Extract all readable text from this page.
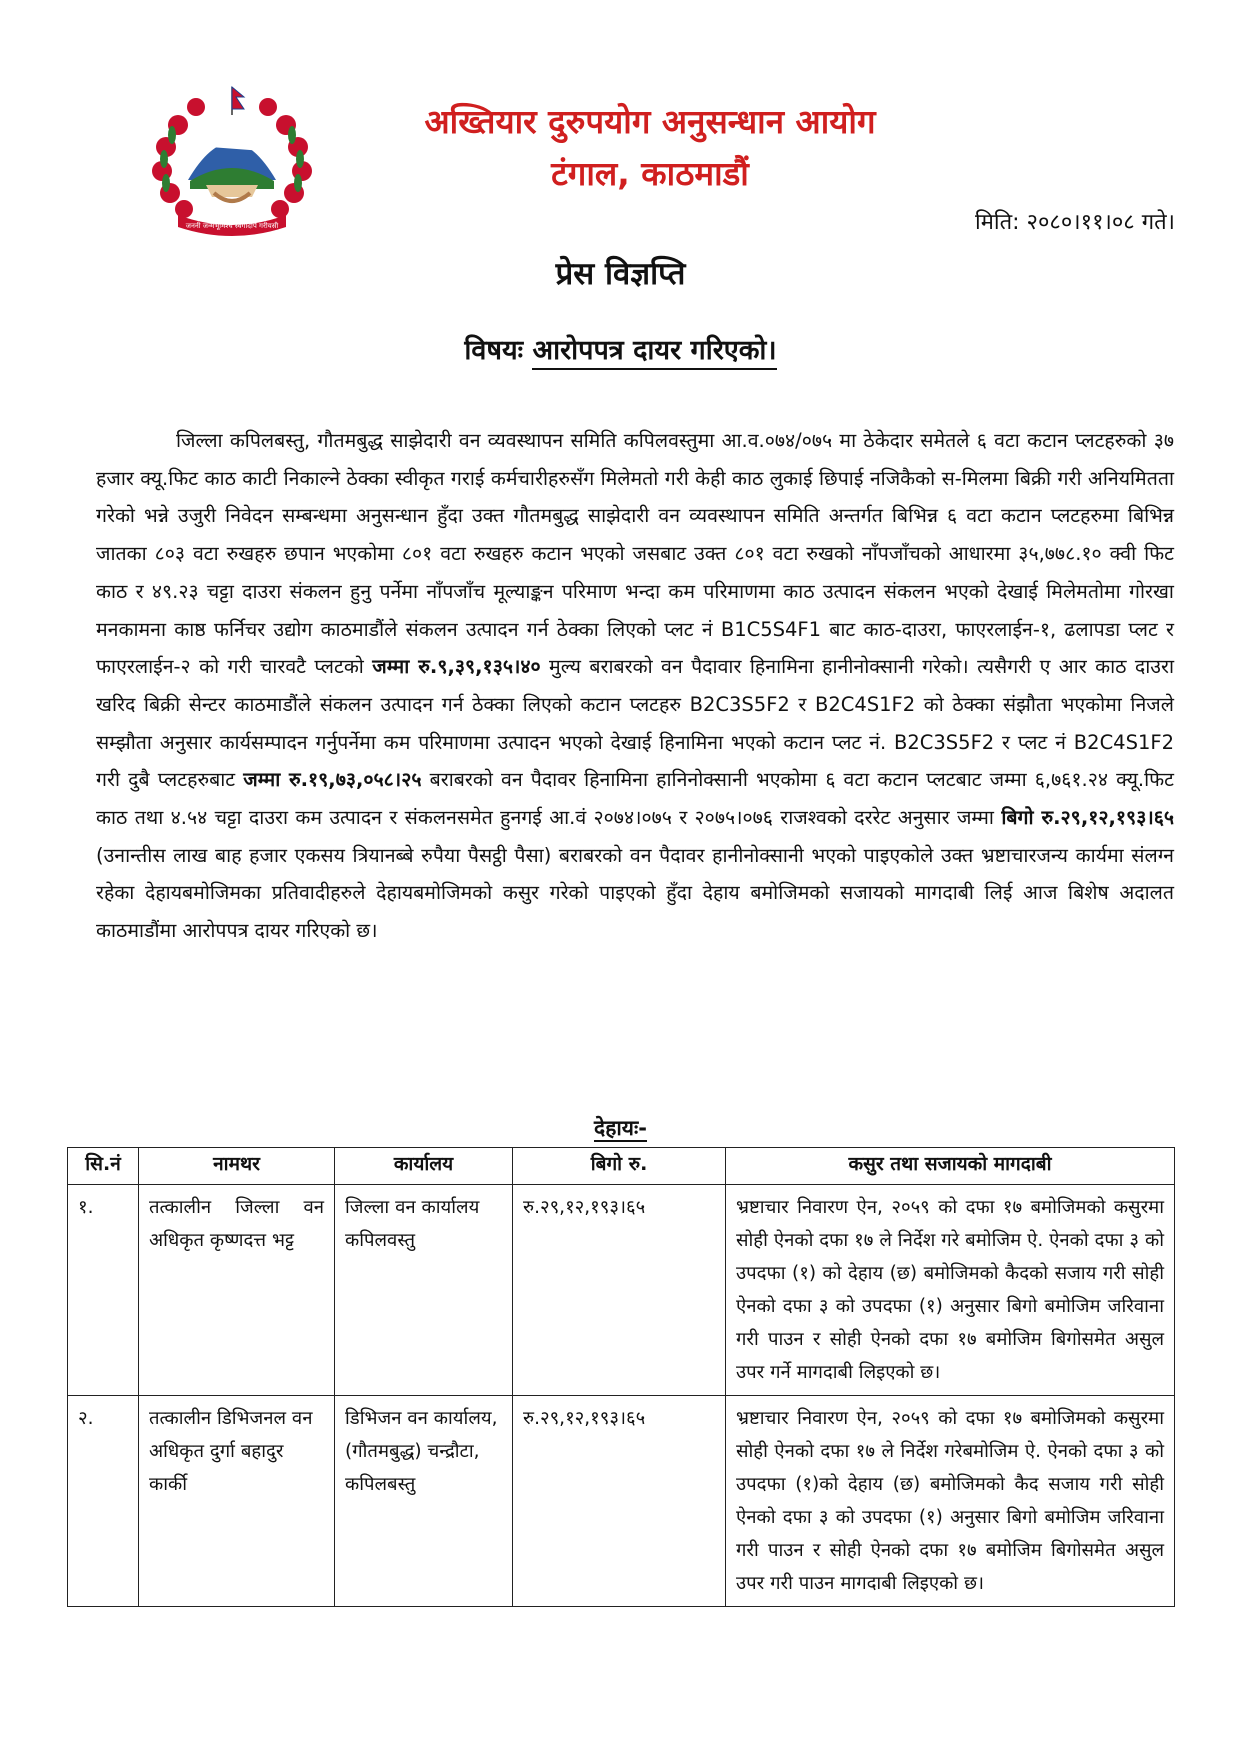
जननी जन्मभूमिश्च स्वर्गादपि गरीयसी
अख्तियार दुरुपयोग अनुसन्धान आयोग
टंगाल, काठमाडौं
मिति: २०८०।११।०८ गते।
प्रेस विज्ञप्ति
विषयः आरोपपत्र दायर गरिएको।
जिल्ला कपिलबस्तु, गौतमबुद्ध साझेदारी वन व्यवस्थापन समिति कपिलवस्तुमा आ.व.०७४/०७५ मा ठेकेदार समेतले ६ वटा कटान प्लटहरुको ३७ हजार क्यू.फिट काठ काटी निकाल्ने ठेक्का स्वीकृत गराई कर्मचारीहरुसँग मिलेमतो गरी केही काठ लुकाई छिपाई नजिकैको स-मिलमा बिक्री गरी अनियमितता गरेको भन्ने उजुरी निवेदन सम्बन्धमा अनुसन्धान हुँदा उक्त गौतमबुद्ध साझेदारी वन व्यवस्थापन समिति अन्तर्गत बिभिन्न ६ वटा कटान प्लटहरुमा बिभिन्न जातका ८०३ वटा रुखहरु छपान भएकोमा ८०१ वटा रुखहरु कटान भएको जसबाट उक्त ८०१ वटा रुखको नाँपजाँचको आधारमा ३५,७७८.१० क्वी फिट काठ र ४९.२३ चट्टा दाउरा संकलन हुनु पर्नेमा नाँपजाँच मूल्याङ्कन परिमाण भन्दा कम परिमाणमा काठ उत्पादन संकलन भएको देखाई मिलेमतोमा गोरखा मनकामना काष्ठ फर्निचर उद्योग काठमाडौंले संकलन उत्पादन गर्न ठेक्का लिएको प्लट नं B1C5S4F1 बाट काठ-दाउरा, फाएरलाईन-१, ढलापडा प्लट र फाएरलाईन-२ को गरी चारवटै प्लटको जम्मा रु.९,३९,१३५।४० मुल्य बराबरको वन पैदावार हिनामिना हानीनोक्सानी गरेको। त्यसैगरी ए आर काठ दाउरा खरिद बिक्री सेन्टर काठमाडौंले संकलन उत्पादन गर्न ठेक्का लिएको कटान प्लटहरु B2C3S5F2 र B2C4S1F2 को ठेक्का संझौता भएकोमा निजले सम्झौता अनुसार कार्यसम्पादन गर्नुपर्नेमा कम परिमाणमा उत्पादन भएको देखाई हिनामिना भएको कटान प्लट नं. B2C3S5F2 र प्लट नं B2C4S1F2 गरी दुबै प्लटहरुबाट जम्मा रु.१९,७३,०५८।२५ बराबरको वन पैदावर हिनामिना हानिनोक्सानी भएकोमा ६ वटा कटान प्लटबाट जम्मा ६,७६१.२४ क्यू.फिट काठ तथा ४.५४ चट्टा दाउरा कम उत्पादन र संकलनसमेत हुनगई आ.वं २०७४।०७५ र २०७५।०७६ राजश्वको दररेट अनुसार जम्मा बिगो रु.२९,१२,१९३।६५ (उनान्तीस लाख बाह हजार एकसय त्रियानब्बे रुपैया पैसट्ठी पैसा) बराबरको वन पैदावर हानीनोक्सानी भएको पाइएकोले उक्त भ्रष्टाचारजन्य कार्यमा संलग्न रहेका देहायबमोजिमका प्रतिवादीहरुले देहायबमोजिमको कसुर गरेको पाइएको हुँदा देहाय बमोजिमको सजायको मागदाबी लिई आज बिशेष अदालत काठमाडौंमा आरोपपत्र दायर गरिएको छ।
देहायः-
सि.नं	नामथर	कार्यालय	बिगो रु.	कसुर तथा सजायको मागदाबी
१.	तत्कालीन जिल्ला वन अधिकृत कृष्णदत्त भट्ट	जिल्ला वन कार्यालय कपिलवस्तु	रु.२९,१२,१९३।६५	भ्रष्टाचार निवारण ऐन, २०५९ को दफा १७ बमोजिमको कसुरमा सोही ऐनको दफा १७ ले निर्देश गरे बमोजिम ऐ. ऐनको दफा ३ को उपदफा (१) को देहाय (छ) बमोजिमको कैदको सजाय गरी सोही ऐनको दफा ३ को उपदफा (१) अनुसार बिगो बमोजिम जरिवाना गरी पाउन र सोही ऐनको दफा १७ बमोजिम बिगोसमेत असुल उपर गर्ने मागदाबी लिइएको छ।
२.	तत्कालीन डिभिजनल वन अधिकृत दुर्गा बहादुर कार्की	डिभिजन वन कार्यालय, (गौतमबुद्ध) चन्द्रौटा, कपिलबस्तु	रु.२९,१२,१९३।६५	भ्रष्टाचार निवारण ऐन, २०५९ को दफा १७ बमोजिमको कसुरमा सोही ऐनको दफा १७ ले निर्देश गरेबमोजिम ऐ. ऐनको दफा ३ को उपदफा (१)को देहाय (छ) बमोजिमको कैद सजाय गरी सोही ऐनको दफा ३ को उपदफा (१) अनुसार बिगो बमोजिम जरिवाना गरी पाउन र सोही ऐनको दफा १७ बमोजिम बिगोसमेत असुल उपर गरी पाउन मागदाबी लिइएको छ।
